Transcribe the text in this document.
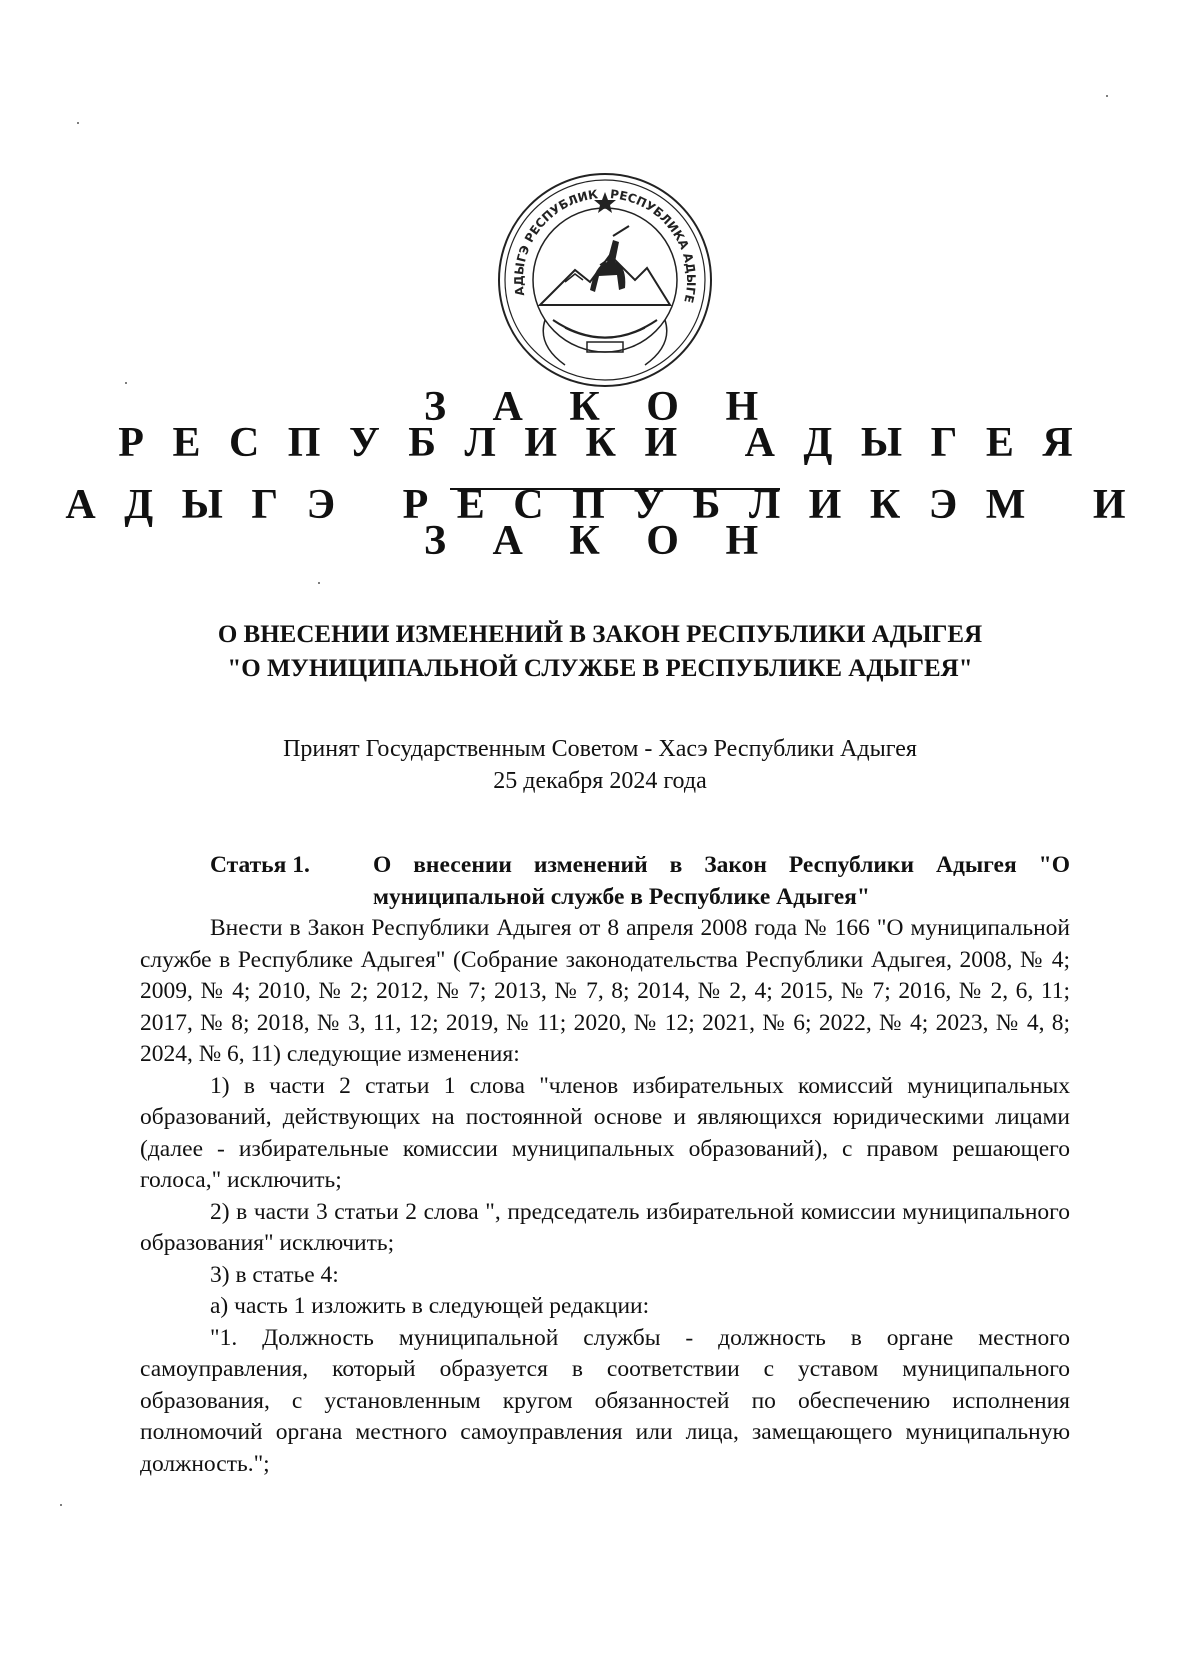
АДЫГЭ РЕСПУБЛИК РЕСПУБЛИКА АДЫГЕ
З А К О Н
Р Е С П У Б Л И К И   А Д Ы Г Е Я
А Д Ы Г Э   Р Е С П У Б Л И К Э М   И
З А К О Н
О ВНЕСЕНИИ ИЗМЕНЕНИЙ В ЗАКОН РЕСПУБЛИКИ АДЫГЕЯ
"О МУНИЦИПАЛЬНОЙ СЛУЖБЕ В РЕСПУБЛИКЕ АДЫГЕЯ"
Принят Государственным Советом - Хасэ Республики Адыгея
25 декабря 2024 года
Статья 1.	О внесении изменений в Закон Республики Адыгея "О муниципальной службе в Республике Адыгея"

Внести в Закон Республики Адыгея от 8 апреля 2008 года № 166 "О муниципальной службе в Республике Адыгея" (Собрание законодательства Республики Адыгея, 2008, № 4; 2009, № 4; 2010, № 2; 2012, № 7; 2013, № 7, 8; 2014, № 2, 4; 2015, № 7; 2016, № 2, 6, 11; 2017, № 8; 2018, № 3, 11, 12; 2019, № 11; 2020, № 12; 2021, № 6; 2022, № 4; 2023, № 4, 8; 2024, № 6, 11) следующие изменения:

1) в части 2 статьи 1 слова "членов избирательных комиссий муниципальных образований, действующих на постоянной основе и являющихся юридическими лицами (далее - избирательные комиссии муниципальных образований), с правом решающего голоса," исключить;

2) в части 3 статьи 2 слова ", председатель избирательной комиссии муниципального образования" исключить;

3) в статье 4:

а) часть 1 изложить в следующей редакции:

"1. Должность муниципальной службы - должность в органе местного самоуправления, который образуется в соответствии с уставом муниципального образования, с установленным кругом обязанностей по обеспечению исполнения полномочий органа местного самоуправления или лица, замещающего муниципальную должность.";
